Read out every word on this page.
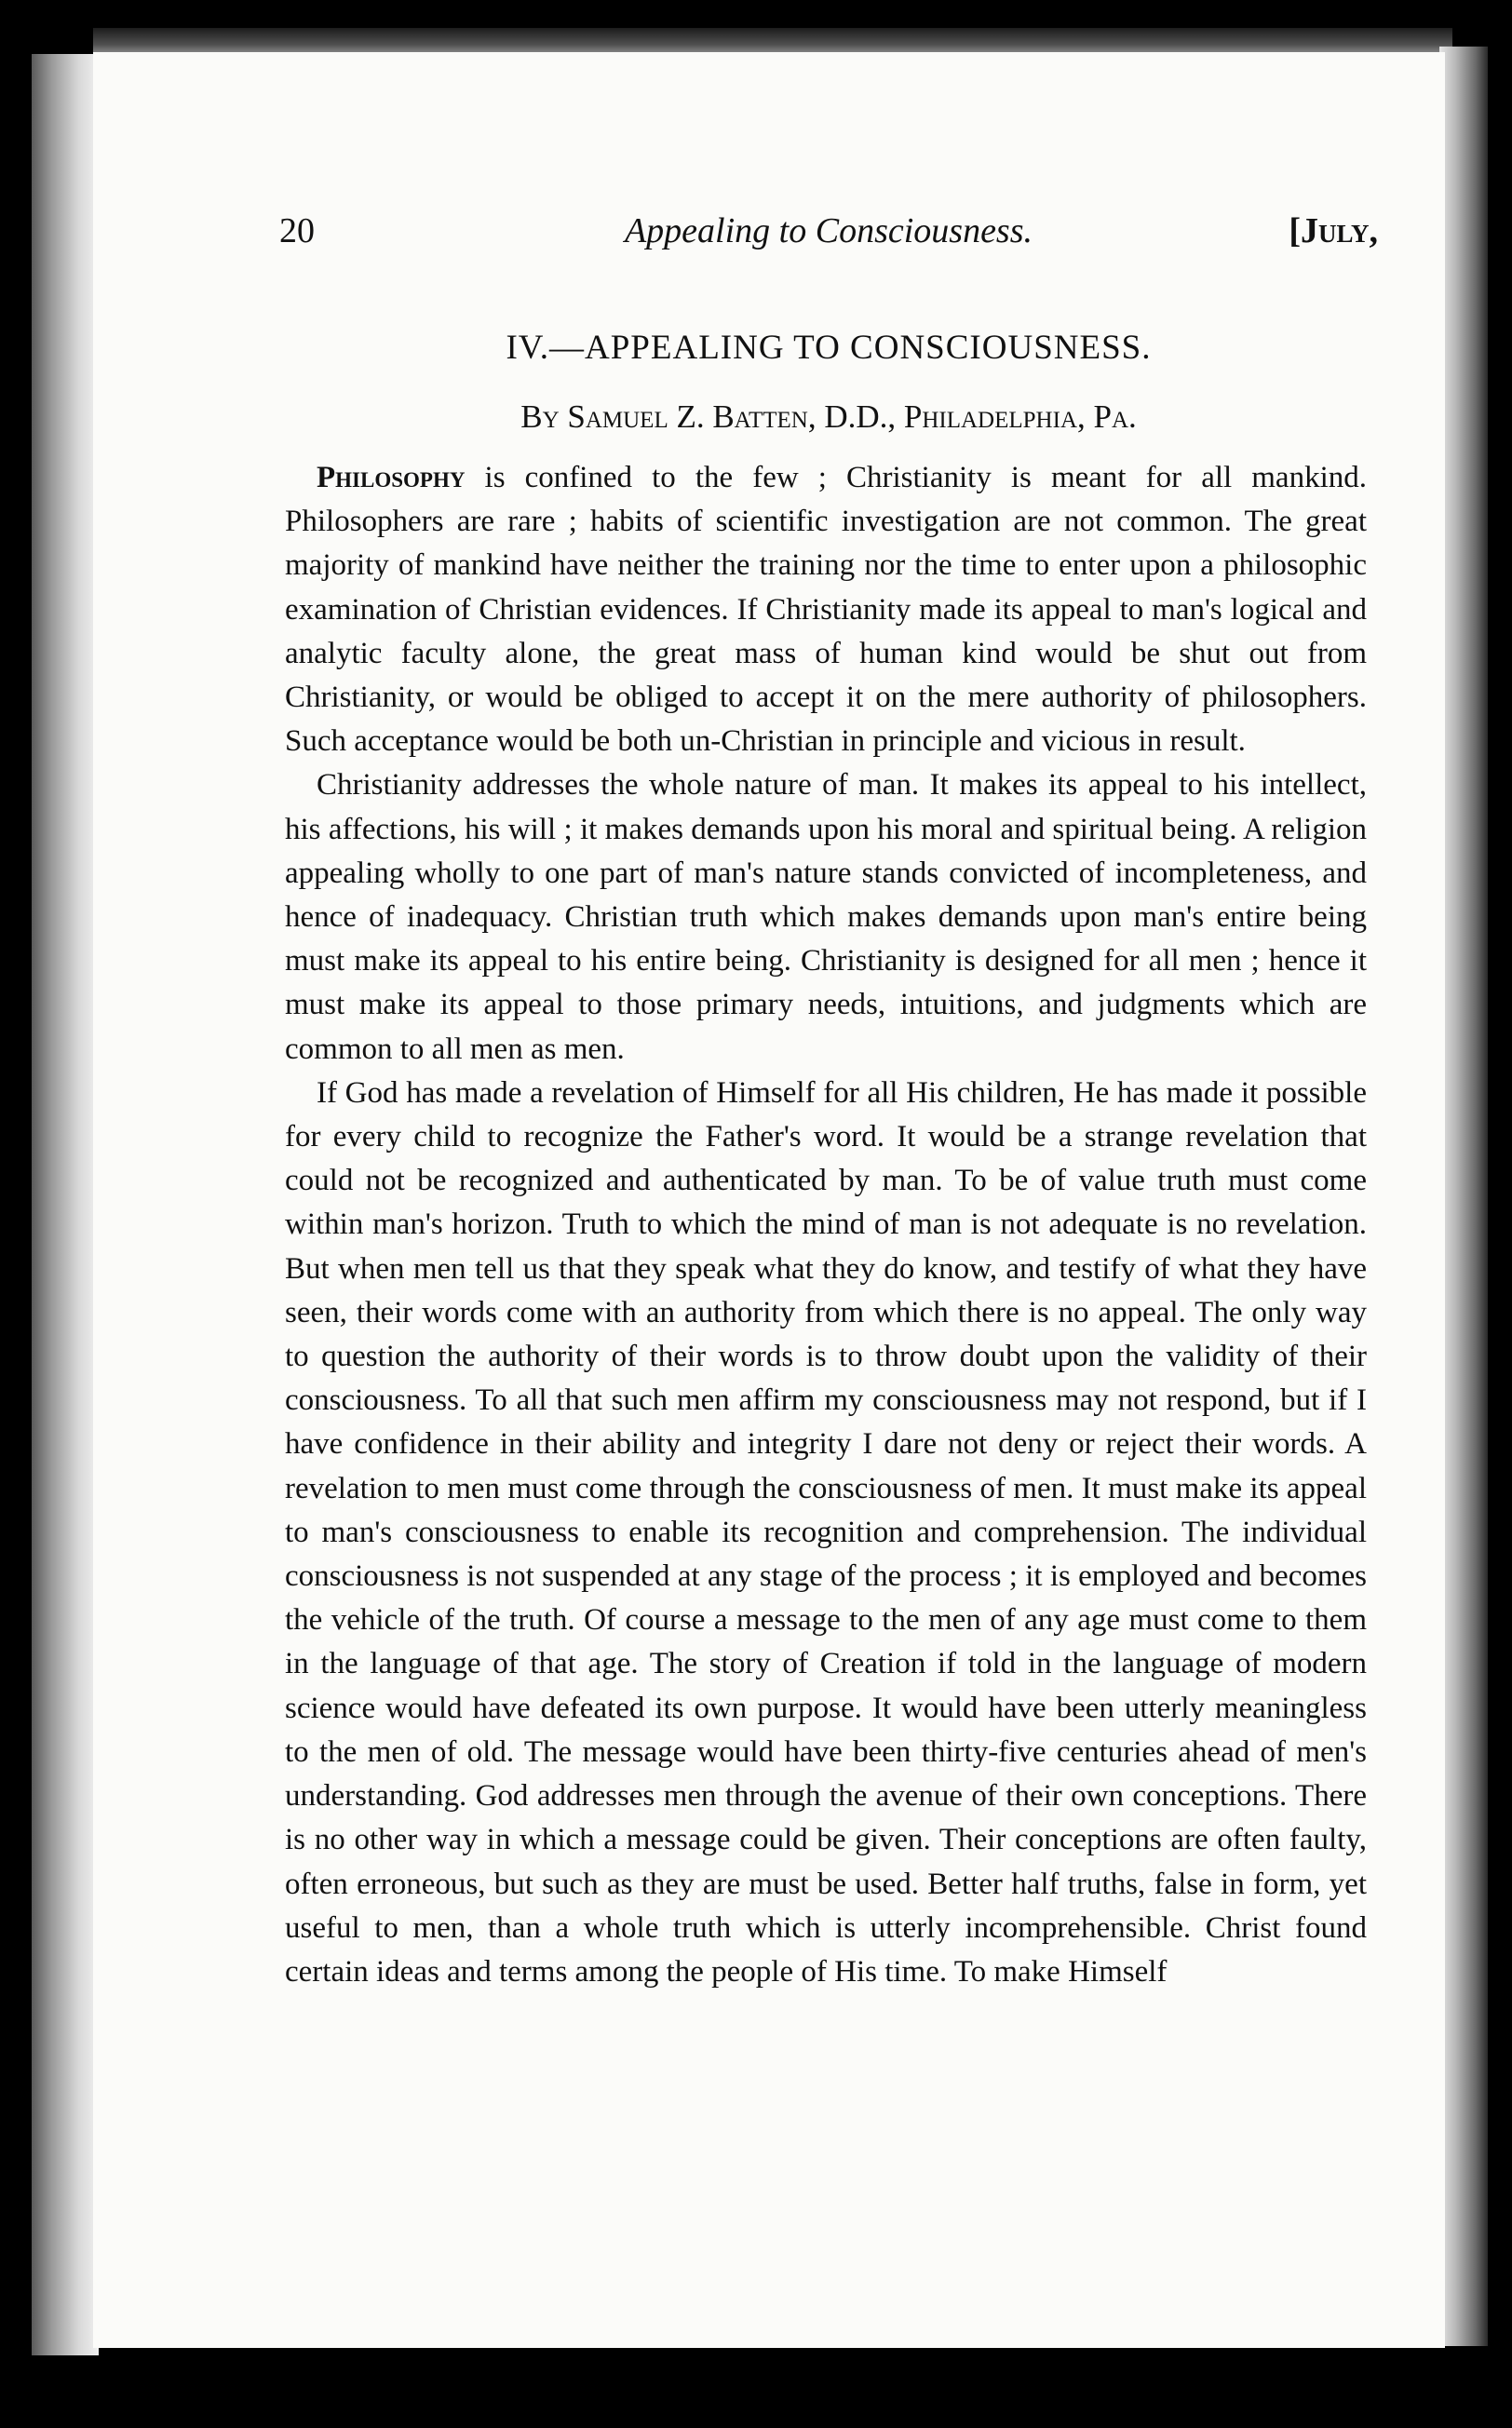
20	Appealing to Consciousness.	[July,
IV.—APPEALING TO CONSCIOUSNESS.
By Samuel Z. Batten, D.D., Philadelphia, Pa.

Philosophy is confined to the few ; Christianity is meant for all mankind. Philosophers are rare ; habits of scientific investigation are not common. The great majority of mankind have neither the training nor the time to enter upon a philosophic examination of Christian evidences. If Christianity made its appeal to man's logical and analytic faculty alone, the great mass of human kind would be shut out from Christianity, or would be obliged to accept it on the mere authority of philosophers. Such acceptance would be both un-Christian in principle and vicious in result.

Christianity addresses the whole nature of man. It makes its appeal to his intellect, his affections, his will ; it makes demands upon his moral and spiritual being. A religion appealing wholly to one part of man's nature stands convicted of incompleteness, and hence of inadequacy. Christian truth which makes demands upon man's entire being must make its appeal to his entire being. Christianity is designed for all men ; hence it must make its appeal to those primary needs, intuitions, and judgments which are common to all men as men.

If God has made a revelation of Himself for all His children, He has made it possible for every child to recognize the Father's word. It would be a strange revelation that could not be recognized and authenticated by man. To be of value truth must come within man's horizon. Truth to which the mind of man is not adequate is no revelation. But when men tell us that they speak what they do know, and testify of what they have seen, their words come with an authority from which there is no appeal. The only way to question the authority of their words is to throw doubt upon the validity of their consciousness. To all that such men affirm my consciousness may not respond, but if I have confidence in their ability and integrity I dare not deny or reject their words. A revelation to men must come through the consciousness of men. It must make its appeal to man's consciousness to enable its recognition and comprehension. The individual consciousness is not suspended at any stage of the process ; it is employed and becomes the vehicle of the truth. Of course a message to the men of any age must come to them in the language of that age. The story of Creation if told in the language of modern science would have defeated its own purpose. It would have been utterly meaningless to the men of old. The message would have been thirty-five centuries ahead of men's understanding. God addresses men through the avenue of their own conceptions. There is no other way in which a message could be given. Their conceptions are often faulty, often erroneous, but such as they are must be used. Better half truths, false in form, yet useful to men, than a whole truth which is utterly incomprehensible. Christ found certain ideas and terms among the people of His time. To make Himself
